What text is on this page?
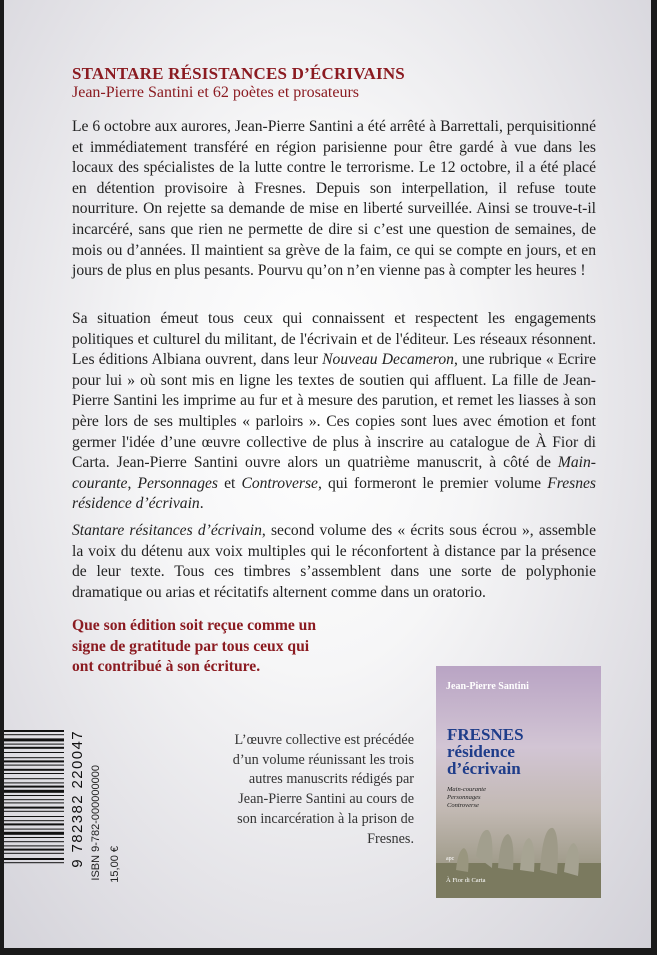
STANTARE RÉSISTANCES D’ÉCRIVAINS
Jean-Pierre Santini et 62 poètes et prosateurs

Le 6 octobre aux aurores, Jean-Pierre Santini a été arrêté à Barrettali, perquisitionné et immédiatement transféré en région parisienne pour être gardé à vue dans les locaux des spécialistes de la lutte contre le terrorisme. Le 12 octobre, il a été placé en détention provisoire à Fresnes. Depuis son interpellation, il refuse toute nourriture. On rejette sa demande de mise en liberté surveillée. Ainsi se trouve-t-il incarcéré, sans que rien ne permette de dire si c’est une question de semaines, de mois ou d’années. Il maintient sa grève de la faim, ce qui se compte en jours, et en jours de plus en plus pesants. Pourvu qu’on n’en vienne pas à compter les heures !

Sa situation émeut tous ceux qui connaissent et respectent les engagements politiques et culturel du militant, de l'écrivain et de l'éditeur. Les réseaux résonnent. Les éditions Albiana ouvrent, dans leur Nouveau Decameron, une rubrique « Ecrire pour lui » où sont mis en ligne les textes de soutien qui affluent. La fille de Jean-Pierre Santini les imprime au fur et à mesure des parution, et remet les liasses à son père lors de ses multiples « parloirs ». Ces copies sont lues avec émotion et font germer l'idée d’une œuvre collective de plus à inscrire au catalogue de À Fior di Carta. Jean-Pierre Santini ouvre alors un quatrième manuscrit, à côté de Main-courante, Personnages et Controverse, qui formeront le premier volume Fresnes résidence d’écrivain.

Stantare résitances d’écrivain, second volume des « écrits sous écrou », assemble la voix du détenu aux voix multiples qui le réconfortent à distance par la présence de leur texte. Tous ces timbres s’assemblent dans une sorte de polyphonie dramatique ou arias et récitatifs alternent comme dans un oratorio.

Que son édition soit reçue comme un signe de gratitude par tous ceux qui ont contribué à son écriture.

L’œuvre collective est précédée d’un volume réunissant les trois autres manuscrits rédigés par Jean-Pierre Santini au cours de son incarcération à la prison de Fresnes.

9 782382 220047 ISBN 9-782-000000000 15,00 €

Jean-Pierre Santini

FRESNES
résidence
d’écrivain

Main-courante
Personnages
Controverse

apc

À Fior di Carta
